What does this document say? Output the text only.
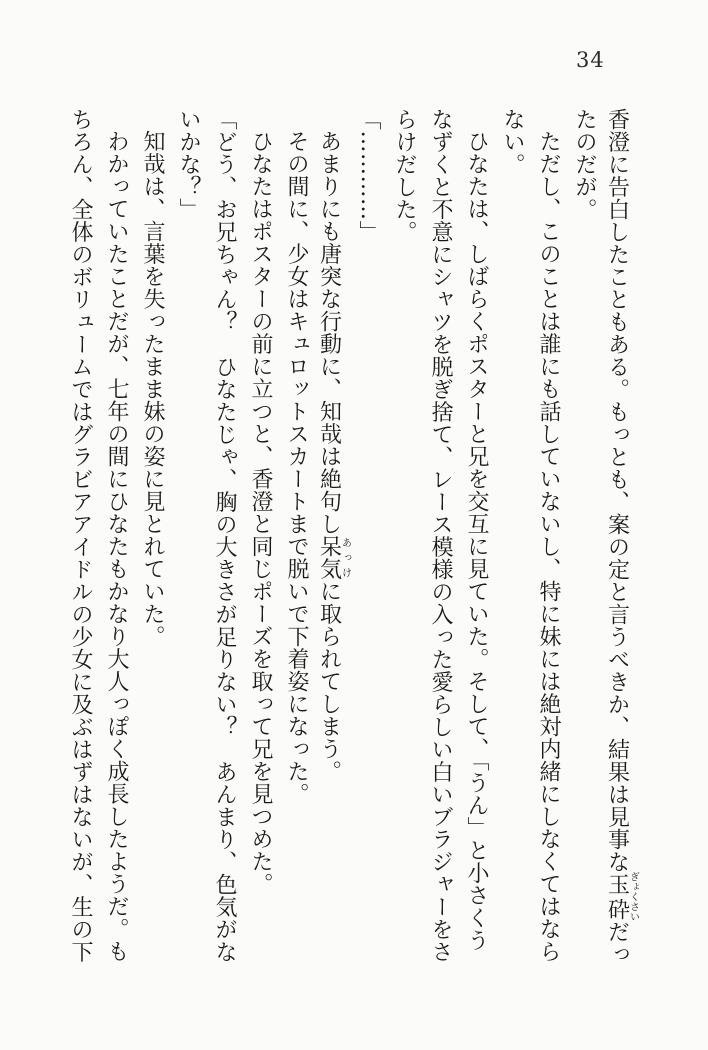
34
香澄に告白したこともある。もっとも、案の定と言うべきか、結果は見事な玉砕ぎょくさいだっ
たのだが。
ただし、このことは誰にも話していないし、特に妹には絶対内緒にしなくてはなら
ない。
ひなたは、しばらくポスターと兄を交互に見ていた。そして、「うん」と小さくう
なずくと不意にシャツを脱ぎ捨て、レース模様の入った愛らしい白いブラジャーをさ
らけだした。
「…………」
あまりにも唐突な行動に、知哉は絶句し呆気あっけに取られてしまう。
その間に、少女はキュロットスカートまで脱いで下着姿になった。
ひなたはポスターの前に立つと、香澄と同じポーズを取って兄を見つめた。
「どう、お兄ちゃん？　ひなたじゃ、胸の大きさが足りない？　あんまり、色気がな
いかな？」
知哉は、言葉を失ったまま妹の姿に見とれていた。
わかっていたことだが、七年の間にひなたもかなり大人っぽく成長したようだ。も
ちろん、全体のボリュームではグラビアアイドルの少女に及ぶはずはないが、生の下
